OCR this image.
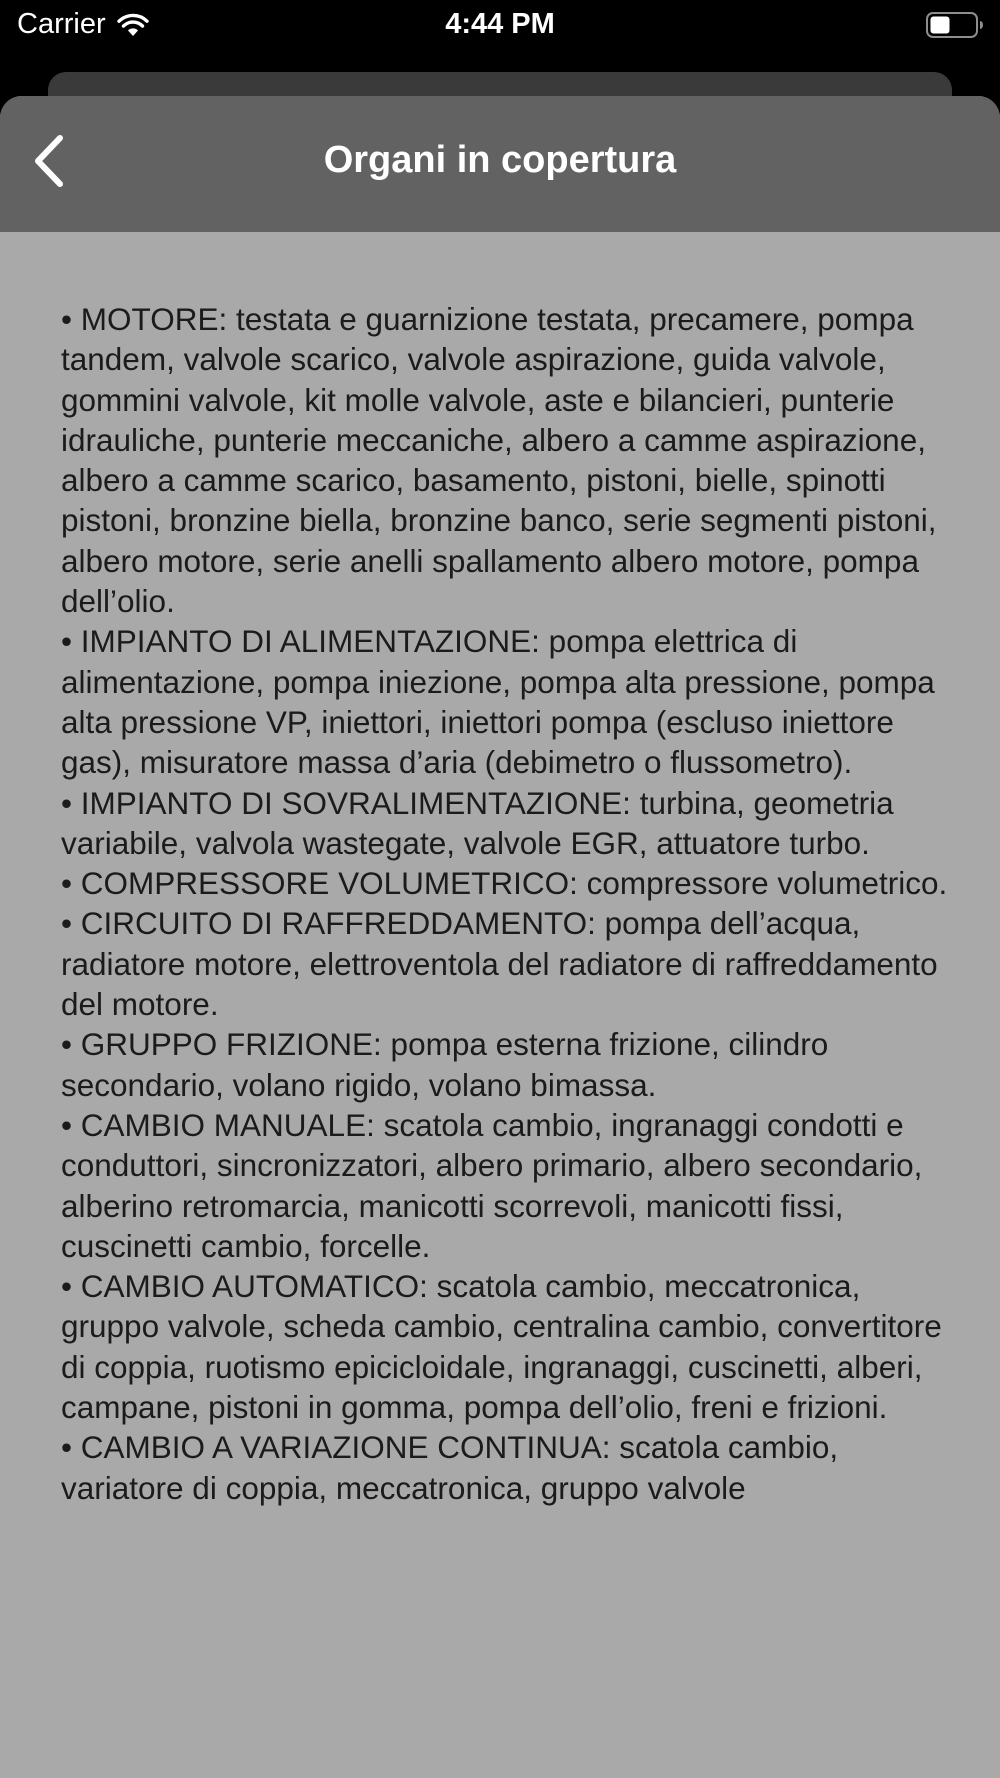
Carrier	4:44 PM
Organi in copertura

• MOTORE: testata e guarnizione testata, precamere, pompa tandem, valvole scarico, valvole aspirazione, guida valvole, gommini valvole, kit molle valvole, aste e bilancieri, punterie idrauliche, punterie meccaniche, albero a camme aspirazione, albero a camme scarico, basamento, pistoni, bielle, spinotti pistoni, bronzine biella, bronzine banco, serie segmenti pistoni, albero motore, serie anelli spallamento albero motore, pompa dell’olio.

• IMPIANTO DI ALIMENTAZIONE: pompa elettrica di alimentazione, pompa iniezione, pompa alta pressione, pompa alta pressione VP, iniettori, iniettori pompa (escluso iniettore gas), misuratore massa d’aria (debimetro o flussometro).

• IMPIANTO DI SOVRALIMENTAZIONE: turbina, geometria variabile, valvola wastegate, valvole EGR, attuatore turbo.

• COMPRESSORE VOLUMETRICO: compressore volumetrico.

• CIRCUITO DI RAFFREDDAMENTO: pompa dell’acqua, radiatore motore, elettroventola del radiatore di raffreddamento del motore.

• GRUPPO FRIZIONE: pompa esterna frizione, cilindro secondario, volano rigido, volano bimassa.

• CAMBIO MANUALE: scatola cambio, ingranaggi condotti e conduttori, sincronizzatori, albero primario, albero secondario, alberino retromarcia, manicotti scorrevoli, manicotti fissi, cuscinetti cambio, forcelle.

• CAMBIO AUTOMATICO: scatola cambio, meccatronica, gruppo valvole, scheda cambio, centralina cambio, convertitore di coppia, ruotismo epicicloidale, ingranaggi, cuscinetti, alberi, campane, pistoni in gomma, pompa dell’olio, freni e frizioni.

• CAMBIO A VARIAZIONE CONTINUA: scatola cambio, variatore di coppia, meccatronica, gruppo valvole
